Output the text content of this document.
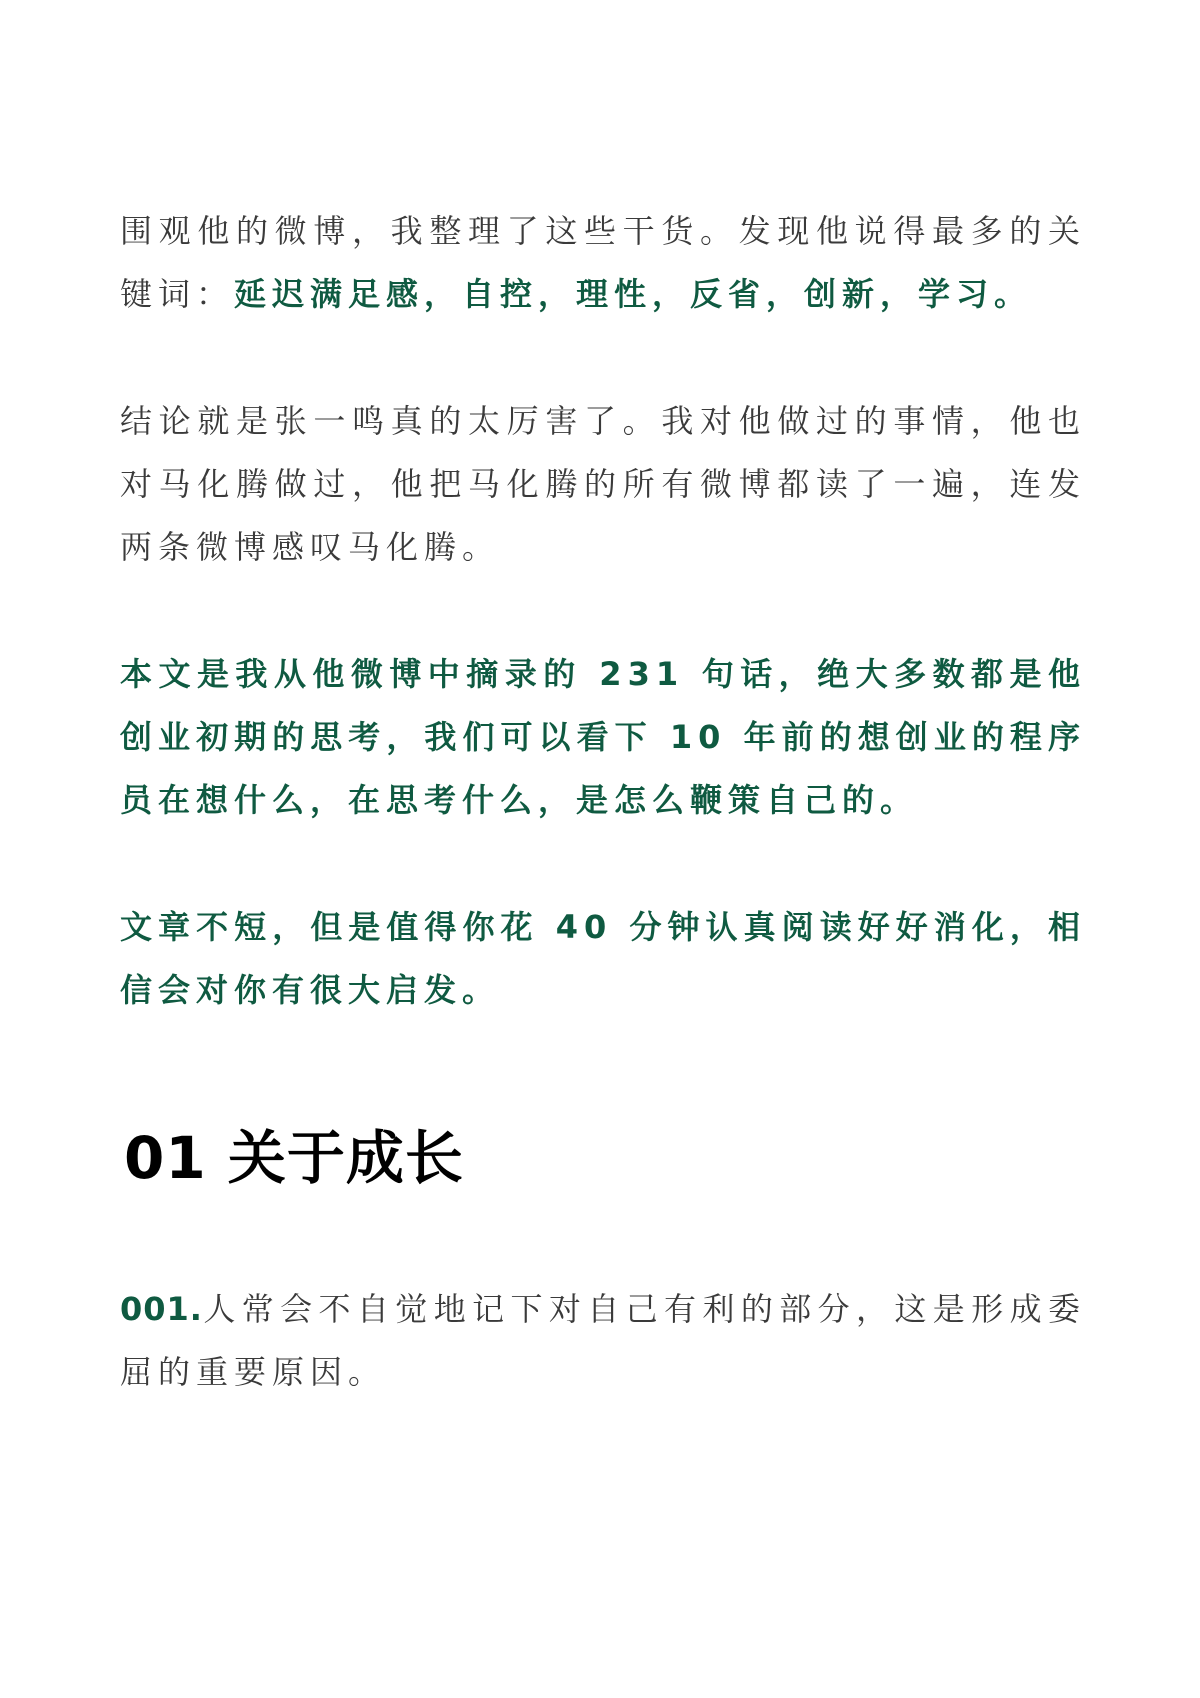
围观他的微博，我整理了这些干货。发现他说得最多的关键词：延迟满足感，自控，理性，反省，创新，学习。

结论就是张一鸣真的太厉害了。我对他做过的事情，他也对马化腾做过，他把马化腾的所有微博都读了一遍，连发两条微博感叹马化腾。

本文是我从他微博中摘录的 231 句话，绝大多数都是他创业初期的思考，我们可以看下 10 年前的想创业的程序员在想什么，在思考什么，是怎么鞭策自己的。

文章不短，但是值得你花 40 分钟认真阅读好好消化，相信会对你有很大启发。

01 关于成长

001.人常会不自觉地记下对自己有利的部分，这是形成委屈的重要原因。
